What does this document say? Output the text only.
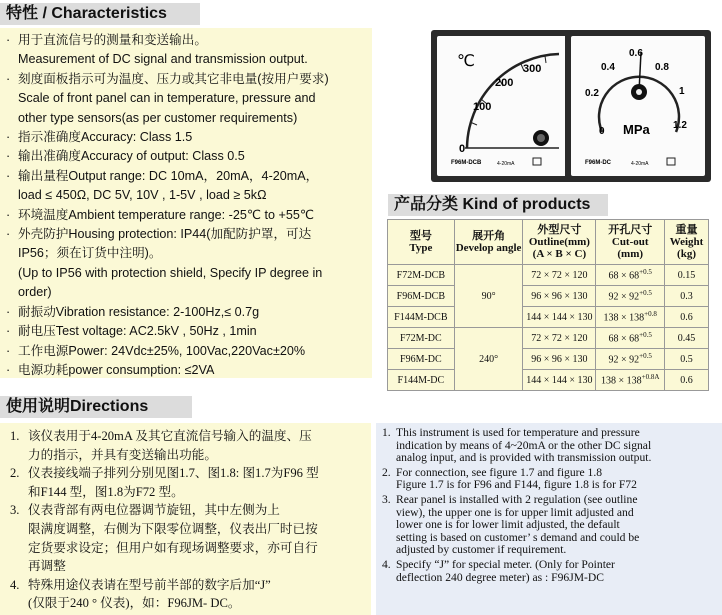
特性 / Characteristics
· 用于直流信号的测量和变送输出。
Measurement of DC signal and transmission output.
· 刻度面板指示可为温度、压力或其它非电量(按用户要求)
Scale of front panel can in temperature, pressure and
other type sensors(as per customer requirements)
· 指示准确度Accuracy: Class 1.5
· 输出准确度Accuracy of output: Class 0.5
· 输出量程Output range: DC 10mA，20mA，4-20mA，
load ≤ 450Ω, DC 5V, 10V , 1-5V , load ≥ 5kΩ
· 环境温度Ambient temperature range: -25℃ to +55℃
· 外壳防护Housing protection: IP44(加配防护罩，可达
IP56；须在订货中注明)。
(Up to IP56 with protection shield, Specify IP degree in
order)
· 耐振动Vibration resistance: 2-100Hz,≤ 0.7g
· 耐电压Test voltage: AC2.5kV , 50Hz , 1min
· 工作电源Power: 24Vdc±25%, 100Vac,220Vac±20%
· 电源功耗power consumption: ≤2VA
℃
0
100
200
300
F96M-DCB	4-20mA
0
0.2
0.4
0.6
0.8
1
1.2
MPa
F96M-DC	4-20mA
产品分类 Kind of products
型号
Type	展开角
Develop angle	外型尺寸
Outline(mm)
(A × B × C)	开孔尺寸
Cut-out
(mm)	重量
Weight
(kg)

F72M-DCB	90°	72 × 72 × 120	$68 \times 68^{+0.5}$	0.15
F96M-DCB		96 × 96 × 130	$92 \times 92^{+0.5}$	0.3
F144M-DCB		144 × 144 × 130	$138 \times 138^{+0.8}$	0.6
F72M-DC	240°	72 × 72 × 120	$68 \times 68^{+0.5}$	0.45
F96M-DC		96 × 96 × 130	$92 \times 92^{+0.5}$	0.5
F144M-DC		144 × 144 × 130	$138 \times 138^{+0.8A}$	0.6
使用说明Directions
1. 该仪表用于4-20mA 及其它直流信号输入的温度、压
力的指示，并具有变送输出功能。
2. 仪表接线端子排列分别见图1.7、图1.8: 图1.7为F96 型
和F144 型，图1.8为F72 型。
3. 仪表背部有两电位器调节旋钮，其中左侧为上
限满度调整，右侧为下限零位调整，仪表出厂时已按
定货要求设定；但用户如有现场调整要求，亦可自行
再调整
4. 特殊用途仪表请在型号前半部的数字后加“J”
(仅限于240 ° 仪表)，如：F96JM- DC。
1. This instrument is used for temperature and pressure
indication by means of 4~20mA or the other DC signal
analog input, and is provided with transmission output.
2. For connection, see figure 1.7 and figure 1.8
Figure 1.7 is for F96 and F144, figure 1.8 is for F72
3. Rear panel is installed with 2 regulation (see outline
view), the upper one is for upper limit adjusted and
lower one is for lower limit adjusted, the default
setting is based on customer’ s demand and could be
adjusted by customer if requirement.
4. Specify “J” for special meter. (Only for Pointer
deflection 240 degree meter) as : F96JM-DC
